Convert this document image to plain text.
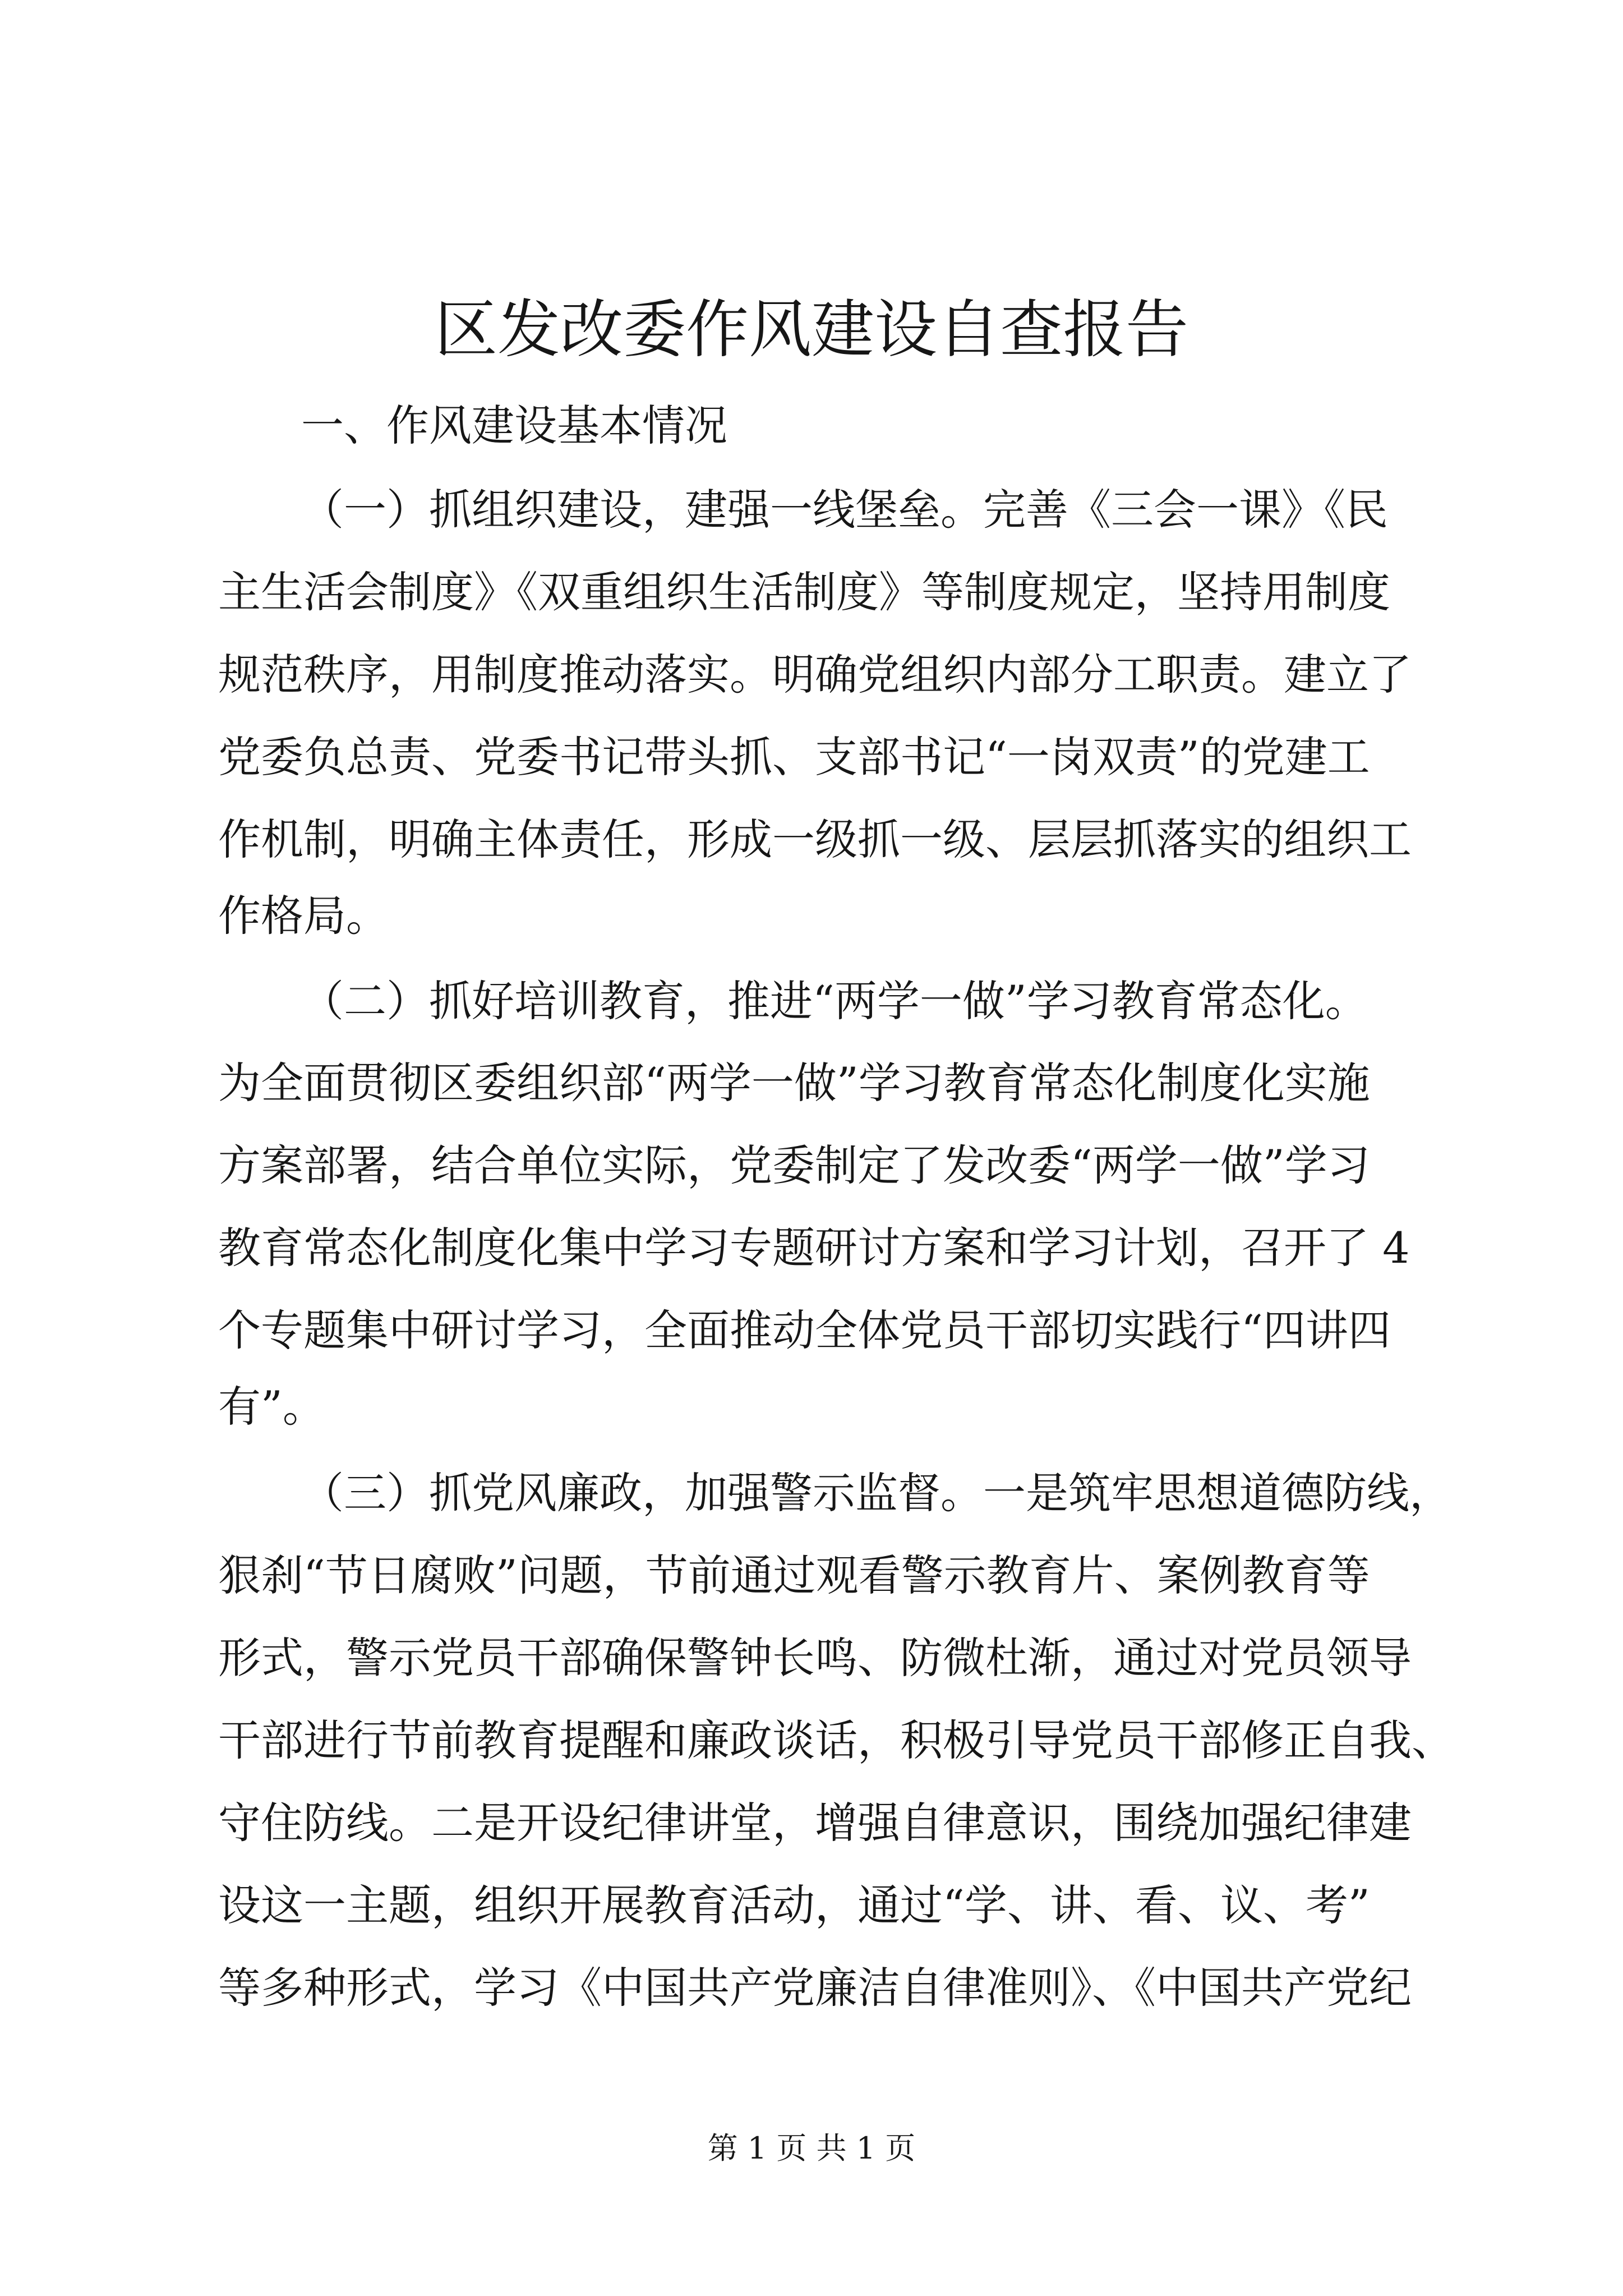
区发改委作风建设自查报告
一、作风建设基本情况
（一）抓组织建设，建强一线堡垒。完善《三会一课》《民
主生活会制度》《双重组织生活制度》等制度规定，坚持用制度
规范秩序，用制度推动落实。明确党组织内部分工职责。建立了
党委负总责、党委书记带头抓、支部书记“一岗双责”的党建工
作机制，明确主体责任，形成一级抓一级、层层抓落实的组织工
作格局。
（二）抓好培训教育，推进“两学一做”学习教育常态化。
为全面贯彻区委组织部“两学一做”学习教育常态化制度化实施
方案部署，结合单位实际，党委制定了发改委“两学一做”学习
教育常态化制度化集中学习专题研讨方案和学习计划，召开了 4
个专题集中研讨学习，全面推动全体党员干部切实践行“四讲四
有”。
（三）抓党风廉政，加强警示监督。一是筑牢思想道德防线，
狠刹“节日腐败”问题，节前通过观看警示教育片、案例教育等
形式，警示党员干部确保警钟长鸣、防微杜渐，通过对党员领导
干部进行节前教育提醒和廉政谈话，积极引导党员干部修正自我、
守住防线。二是开设纪律讲堂，增强自律意识，围绕加强纪律建
设这一主题，组织开展教育活动，通过“学、讲、看、议、考”
等多种形式，学习《中国共产党廉洁自律准则》、《中国共产党纪
第 1 页 共 1 页
